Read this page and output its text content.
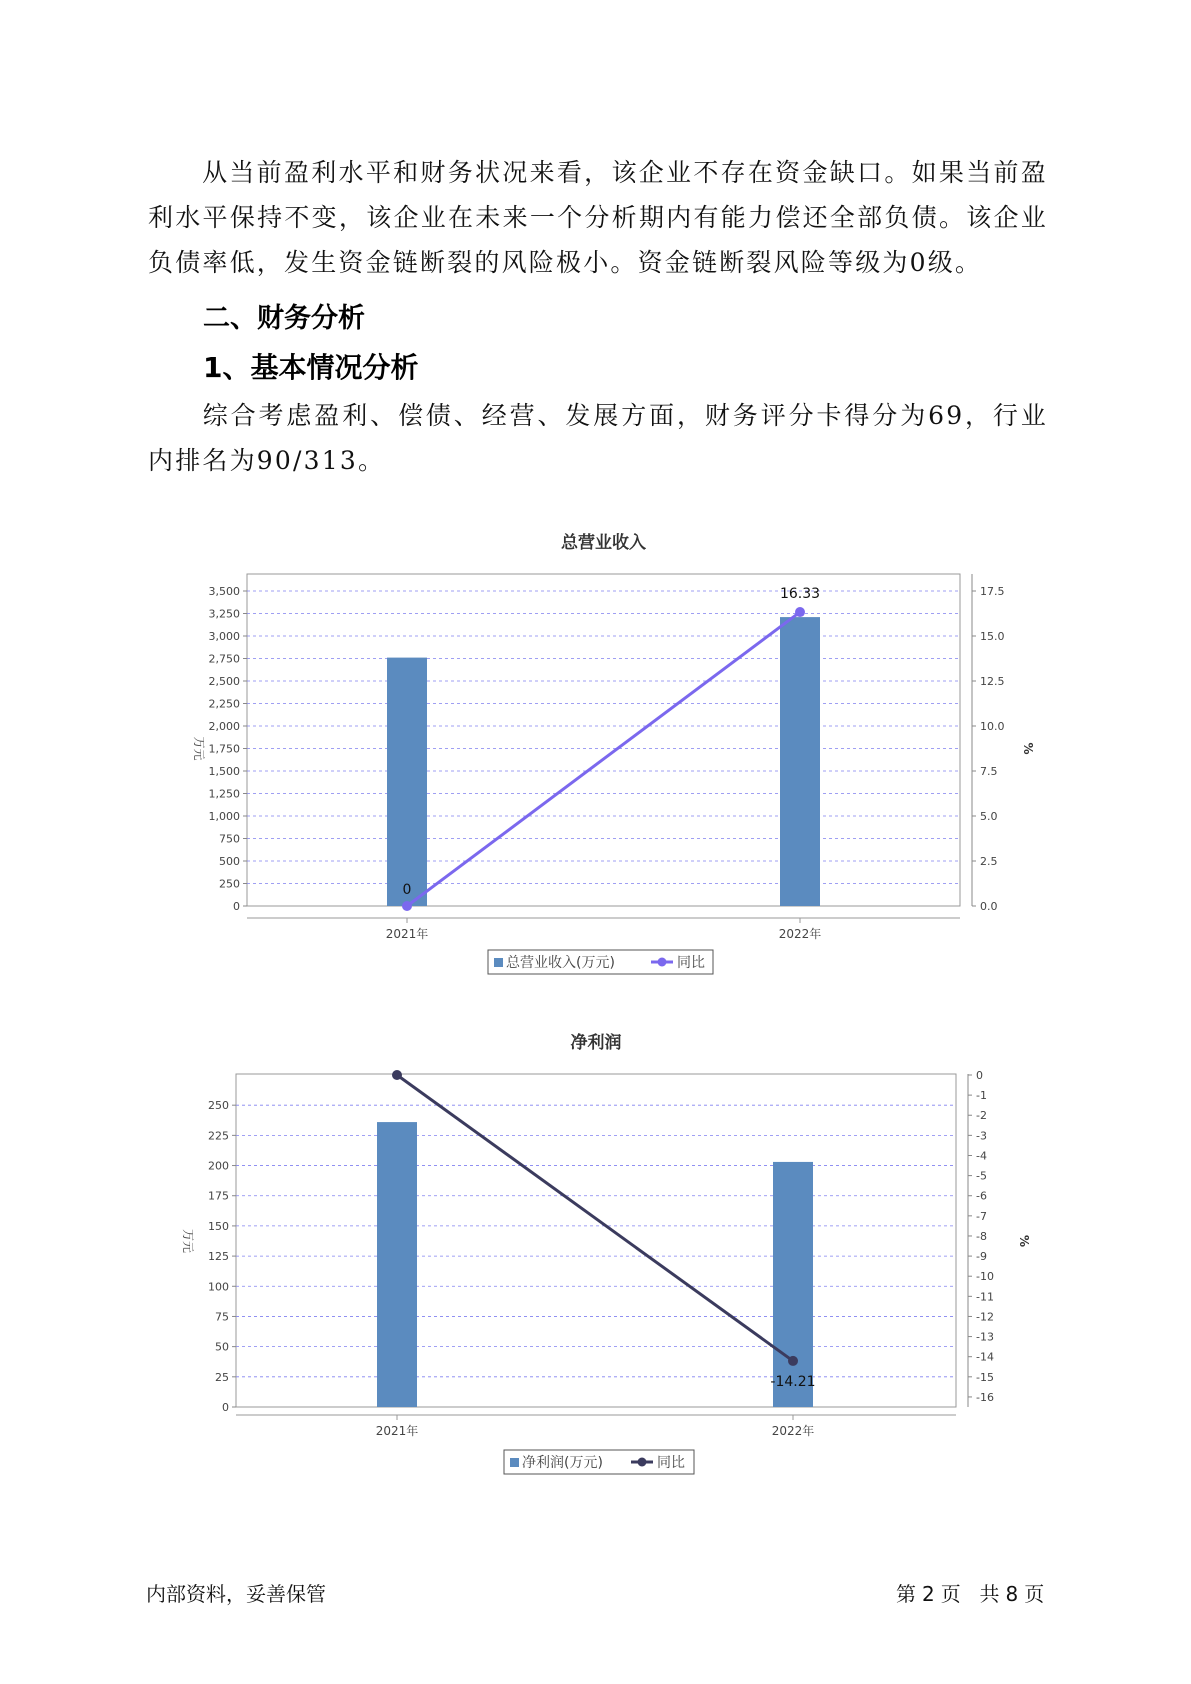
从当前盈利水平和财务状况来看，该企业不存在资金缺口。如果当前盈利水平保持不变，该企业在未来一个分析期内有能力偿还全部负债。该企业负债率低，发生资金链断裂的风险极小。资金链断裂风险等级为0级。

二、财务分析
1、基本情况分析

综合考虑盈利、偿债、经营、发展方面，财务评分卡得分为69，行业内排名为90/313。

总营业收入
0
250
500
750
1,000
1,250
1,500
1,750
2,000
2,250
2,500
2,750
3,000
3,250
3,500
0.0
2.5
5.0
7.5
10.0
12.5
15.0
17.5
万元	%
2021年	2022年
0
16.33
总营业收入(万元)	同比
净利润
0
25
50
75
100
125
150
175
200
225
250
0
-1
-2
-3
-4
-5
-6
-7
-8
-9
-10
-11
-12
-13
-14
-15
-16
万元	%
2021年	2022年
-14.21
净利润(万元)	同比
内部资料，妥善保管	第 2 页 共 8 页
